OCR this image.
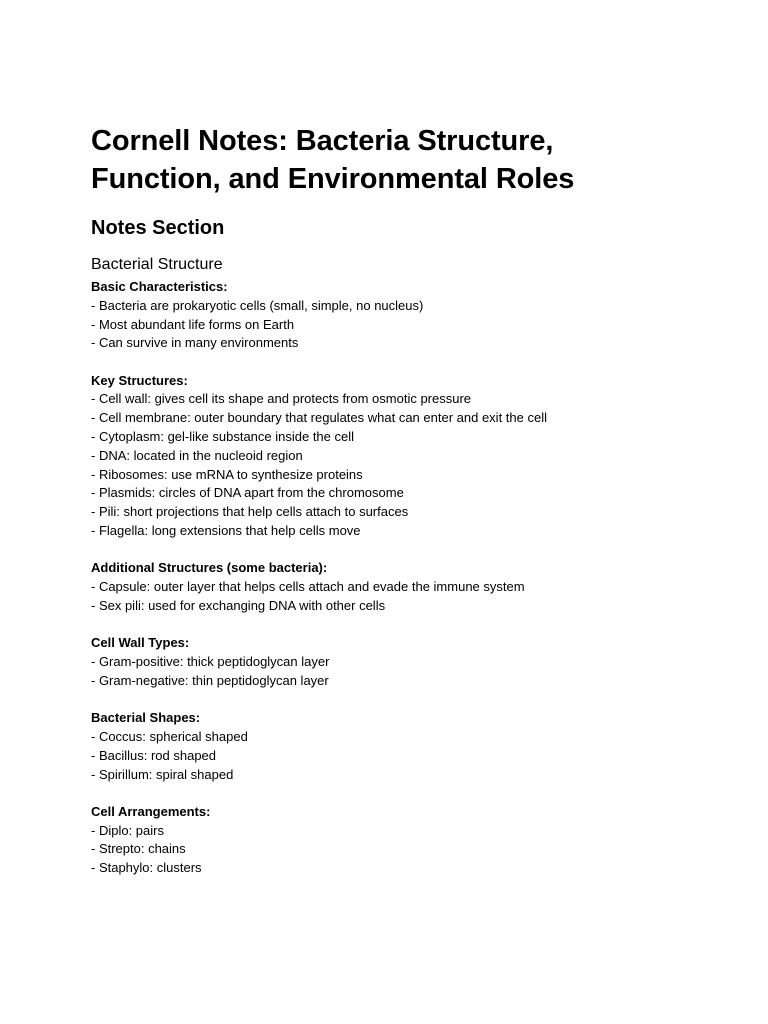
Cornell Notes: Bacteria Structure,
Function, and Environmental Roles
Notes Section
Bacterial Structure

Basic Characteristics:

- Bacteria are prokaryotic cells (small, simple, no nucleus)

- Most abundant life forms on Earth

- Can survive in many environments

Key Structures:

- Cell wall: gives cell its shape and protects from osmotic pressure

- Cell membrane: outer boundary that regulates what can enter and exit the cell

- Cytoplasm: gel-like substance inside the cell

- DNA: located in the nucleoid region

- Ribosomes: use mRNA to synthesize proteins

- Plasmids: circles of DNA apart from the chromosome

- Pili: short projections that help cells attach to surfaces

- Flagella: long extensions that help cells move

Additional Structures (some bacteria):

- Capsule: outer layer that helps cells attach and evade the immune system

- Sex pili: used for exchanging DNA with other cells

Cell Wall Types:

- Gram-positive: thick peptidoglycan layer

- Gram-negative: thin peptidoglycan layer

Bacterial Shapes:

- Coccus: spherical shaped

- Bacillus: rod shaped

- Spirillum: spiral shaped

Cell Arrangements:

- Diplo: pairs

- Strepto: chains

- Staphylo: clusters
